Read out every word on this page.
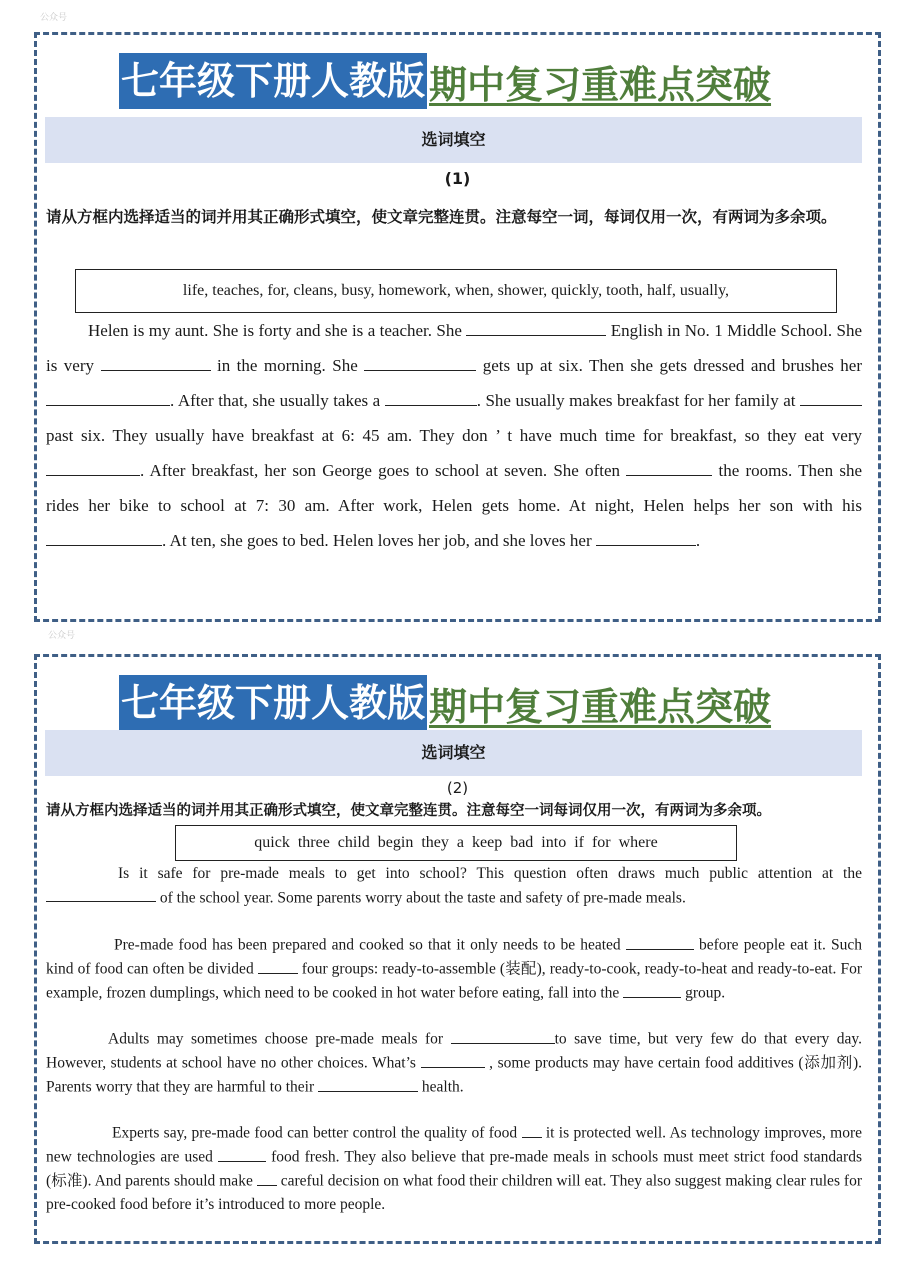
公众号
七年级下册人教版 期中复习重难点突破
选词填空
(1)
请从方框内选择适当的词并用其正确形式填空，使文章完整连贯。注意每空一词，每词仅用一次，有两词为多余项。
life, teaches, for, cleans, busy, homework, when, shower, quickly, tooth, half, usually,

Helen is my aunt. She is forty and she is a teacher. She	English in No. 1 Middle School. She is very	in the morning. She	gets up at six. Then she gets dressed and brushes her . After that, she usually takes a	. She usually makes breakfast for her family at  past six. They usually have breakfast at 6: 45 am. They don ’ t have much time for breakfast, so they eat very . After breakfast, her son George goes to school at seven. She often	the rooms. Then she rides her bike to school at 7: 30 am. After work, Helen gets home. At night, Helen helps her son with his . At ten, she goes to bed. Helen loves her job, and she loves her	.

公众号
七年级下册人教版 期中复习重难点突破
选词填空
(2)
请从方框内选择适当的词并用其正确形式填空，使文章完整连贯。注意每空一词每词仅用一次，有两词为多余项。
quick three child begin they a keep bad into if for where

Is it safe for pre-made meals to get into school? This question often draws much public attention at the  of the school year. Some parents worry about the taste and safety of pre-made meals.

Pre-made food has been prepared and cooked so that it only needs to be heated	before people eat it. Such kind of food can often be divided	four groups: ready-to-assemble (装配), ready-to-cook, ready-to-heat and ready-to-eat. For example, frozen dumplings, which need to be cooked in hot water before eating, fall into the	group.

Adults may sometimes choose pre-made meals for	to save time, but very few do that every day. However, students at school have no other choices. What’s	, some products may have certain food additives (添加剂). Parents worry that they are harmful to their	health.

Experts say, pre-made food can better control the quality of food  it is protected well. As technology improves, more new technologies are used	food fresh. They also believe that pre-made meals in schools must meet strict food standards (标准). And parents should make  careful decision on what food their children will eat. They also suggest making clear rules for pre-cooked food before it’s introduced to more people.
